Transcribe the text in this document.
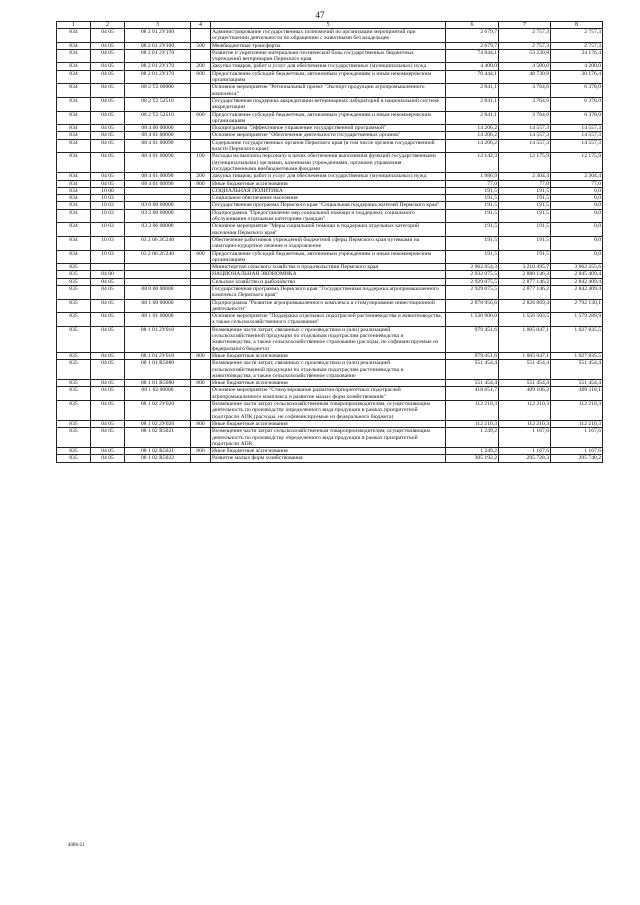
47
1	2	3	4	5	6	7	8
834	04 05	08 2 01 2У100		Администрирование государственных полномочий по организации мероприятий при осуществлении деятельности по обращению с животными без владельцев	2 679,7	2 757,3	2 757,3
834	04 05	08 2 01 2У100	500	Межбюджетные трансферты	2 679,7	2 757,3	2 757,3
834	04 05	08 2 01 2У170		Развитие и укрепление материально-технической базы государственных бюджетных учреждений ветеринарии Пермского края	74 844,1	53 230,8	34 176,4
834	04 05	08 2 01 2У170	200	Закупка товаров, работ и услуг для обеспечения государственных (муниципальных) нужд	4 400,0	4 500,0	4 200,0
834	04 05	08 2 01 2У170	600	Предоставление субсидий бюджетным, автономным учреждениям и иным некоммерческим организациям	70 444,1	48 730,8	30 176,4
834	04 05	08 2 T2 00000		Основное мероприятие "Региональный проект "Экспорт продукции агропромышленного комплекса"	2 841,1	3 764,6	6 378,0
834	04 05	08 2 T2 52510		Государственная поддержка аккредитации ветеринарных лабораторий в национальной системе аккредитации	2 841,1	3 764,6	6 378,0
834	04 05	08 2 T2 52510	600	Предоставление субсидий бюджетным, автономным учреждениям и иным некоммерческим организациям	2 841,1	3 764,6	6 378,0
834	04 05	08 4 00 00000		Подпрограмма "Эффективное управление государственной программой"	14 206,2	14 557,3	14 557,3
834	04 05	08 4 01 00000		Основное мероприятие "Обеспечение деятельности государственных органов"	14 206,2	14 557,3	14 557,3
834	04 05	08 4 01 00090		Содержание государственных органов Пермского края (в том числе органов государственной власти Пермского края)	14 206,2	14 557,3	14 557,3
834	04 05	08 4 01 00090	100	Расходы на выплаты персоналу в целях обеспечения выполнения функций государственными (муниципальными) органами, казенными учреждениями, органами управления государственными внебюджетными фондами	12 142,3	12 175,9	12 175,9
834	04 05	08 4 01 00090	200	Закупка товаров, работ и услуг для обеспечения государственных (муниципальных) нужд	1 986,9	2 304,4	2 304,4
834	04 05	08 4 01 00090	800	Иные бюджетные ассигнования	77,0	77,0	77,0
834	10 00			СОЦИАЛЬНАЯ ПОЛИТИКА	191,5	191,5	0,0
834	10 03			Социальное обеспечение населения	191,5	191,5	0,0
834	10 03	03 0 00 00000		Государственная программа Пермского края "Социальная поддержка жителей Пермского края"	191,5	191,5	0,0
834	10 03	03 2 00 00000		Подпрограмма "Предоставление мер социальной помощи и поддержки, социального обслуживания отдельным категориям граждан"	191,5	191,5	0,0
834	10 03	03 2 06 00000		Основное мероприятие "Меры социальной помощи и поддержки отдельных категорий населения Пермского края"	191,5	191,5	0,0
834	10 03	03 2 06 2C240		Обеспечение работников учреждений бюджетной сферы Пермского края путевками на санаторно-курортное лечение и оздоровление	191,5	191,5	0,0
834	10 03	03 2 06 2C240	600	Предоставление субсидий бюджетным, автономным учреждениям и иным некоммерческим организациям	191,5	191,5	0,0
835				Министерство сельского хозяйства и продовольствия Пермского края	2 962 654,3	3 210 495,7	3 062 355,6
835	04 00			НАЦИОНАЛЬНАЯ ЭКОНОМИКА	2 932 075,5	2 880 146,2	2 845 409,4
835	04 05			Сельское хозяйство и рыболовство	2 929 075,5	2 877 146,2	2 842 409,4
835	04 05	08 0 00 00000		Государственная программа Пермского края "Государственная поддержка агропромышленного комплекса Пермского края"	2 929 075,5	2 877 146,2	2 842 409,4
835	04 05	08 1 00 00000		Подпрограмма "Развитие агропромышленного комплекса и стимулирование инвестиционной деятельности"	2 878 956,6	2 826 869,4	2 792 130,1
835	04 05	08 1 01 00000		Основное мероприятие "Поддержка отдельных подотраслей растениеводства и животноводства, а также сельскохозяйственного страхования"	1 530 906,0	1 556 503,5	1 579 289,9
835	04 05	08 1 01 2У010		Возмещение части затрат, связанных с производством и (или) реализацией сельскохозяйственной продукции по отдельным подотраслям растениеводства и животноводства, а также сельскохозяйственное страхование (расходы, не софинансируемые из федерального бюджета)	979 451,6	1 005 047,1	1 027 835,5
835	04 05	08 1 01 2У010	800	Иные бюджетные ассигнования	979 451,6	1 005 047,1	1 027 835,5
835	04 05	08 1 01 R5080		Возмещение части затрат, связанных с производством и (или) реализацией сельскохозяйственной продукции по отдельным подотраслям растениеводства и животноводства, а также сельскохозяйственное страхование	551 454,4	551 454,4	551 454,4
835	04 05	08 1 01 R5080	800	Иные бюджетные ассигнования	551 454,4	551 454,4	551 454,4
835	04 05	08 1 02 00000		Основное мероприятие "Стимулирование развития приоритетных подотраслей агропромышленного комплекса и развитие малых форм хозяйствования"	418 651,7	409 106,2	409 118,1
835	04 05	08 1 02 2У020		Возмещение части затрат сельскохозяйственным товаропроизводителям, осуществляющим деятельность по производству определенного вида продукции в рамках приоритетной подотрасли АПК (расходы, не софинансируемые из федерального бюджета)	112 210,3	112 210,3	112 210,3
835	04 05	08 1 02 2У020	800	Иные бюджетные ассигнования	112 210,3	112 210,3	112 210,3
835	04 05	08 1 02 R5021		Возмещение части затрат сельскохозяйственным товаропроизводителям, осуществляющим деятельность по производству определенного вида продукции в рамках приоритетной подотрасли АПК	1 249,2	1 167,6	1 167,6
835	04 05	08 1 02 R5021	800	Иные бюджетные ассигнования	1 249,2	1 167,6	1 167,6
835	04 05	08 1 02 R5022		Развитие малых форм хозяйствования	305 192,2	295 728,3	295 740,2
4086-21
